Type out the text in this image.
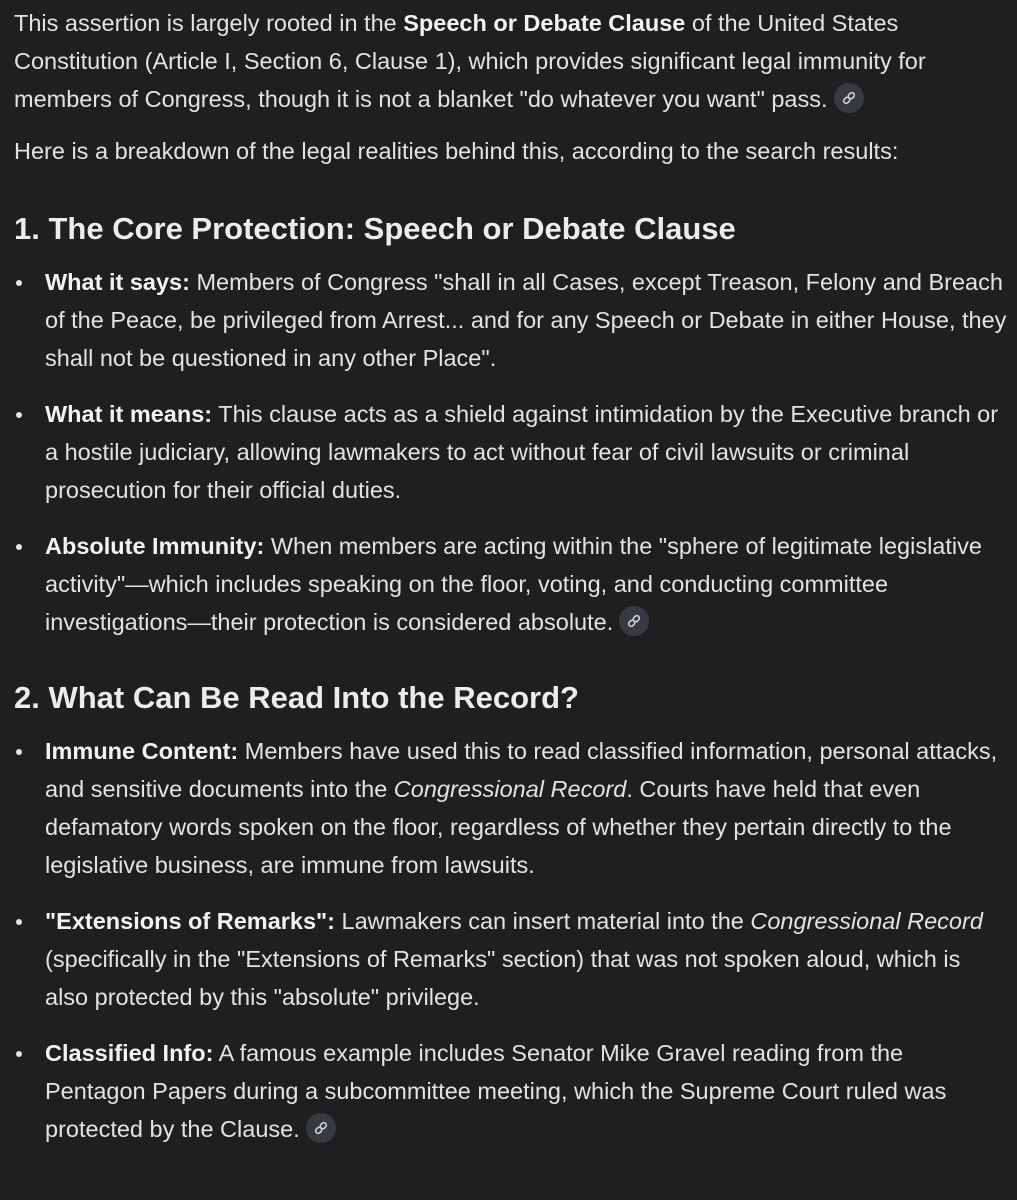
This assertion is largely rooted in the Speech or Debate Clause of the United States Constitution (Article I, Section 6, Clause 1), which provides significant legal immunity for members of Congress, though it is not a blanket "do whatever you want" pass.

Here is a breakdown of the legal realities behind this, according to the search results:

1. The Core Protection: Speech or Debate Clause
What it says: Members of Congress "shall in all Cases, except Treason, Felony and Breach of the Peace, be privileged from Arrest... and for any Speech or Debate in either House, they shall not be questioned in any other Place".
What it means: This clause acts as a shield against intimidation by the Executive branch or a hostile judiciary, allowing lawmakers to act without fear of civil lawsuits or criminal prosecution for their official duties.
Absolute Immunity: When members are acting within the "sphere of legitimate legislative activity"—which includes speaking on the floor, voting, and conducting committee investigations—their protection is considered absolute.
2. What Can Be Read Into the Record?
Immune Content: Members have used this to read classified information, personal attacks, and sensitive documents into the Congressional Record. Courts have held that even defamatory words spoken on the floor, regardless of whether they pertain directly to the legislative business, are immune from lawsuits.
"Extensions of Remarks": Lawmakers can insert material into the Congressional Record (specifically in the "Extensions of Remarks" section) that was not spoken aloud, which is also protected by this "absolute" privilege.
Classified Info: A famous example includes Senator Mike Gravel reading from the Pentagon Papers during a subcommittee meeting, which the Supreme Court ruled was protected by the Clause.
